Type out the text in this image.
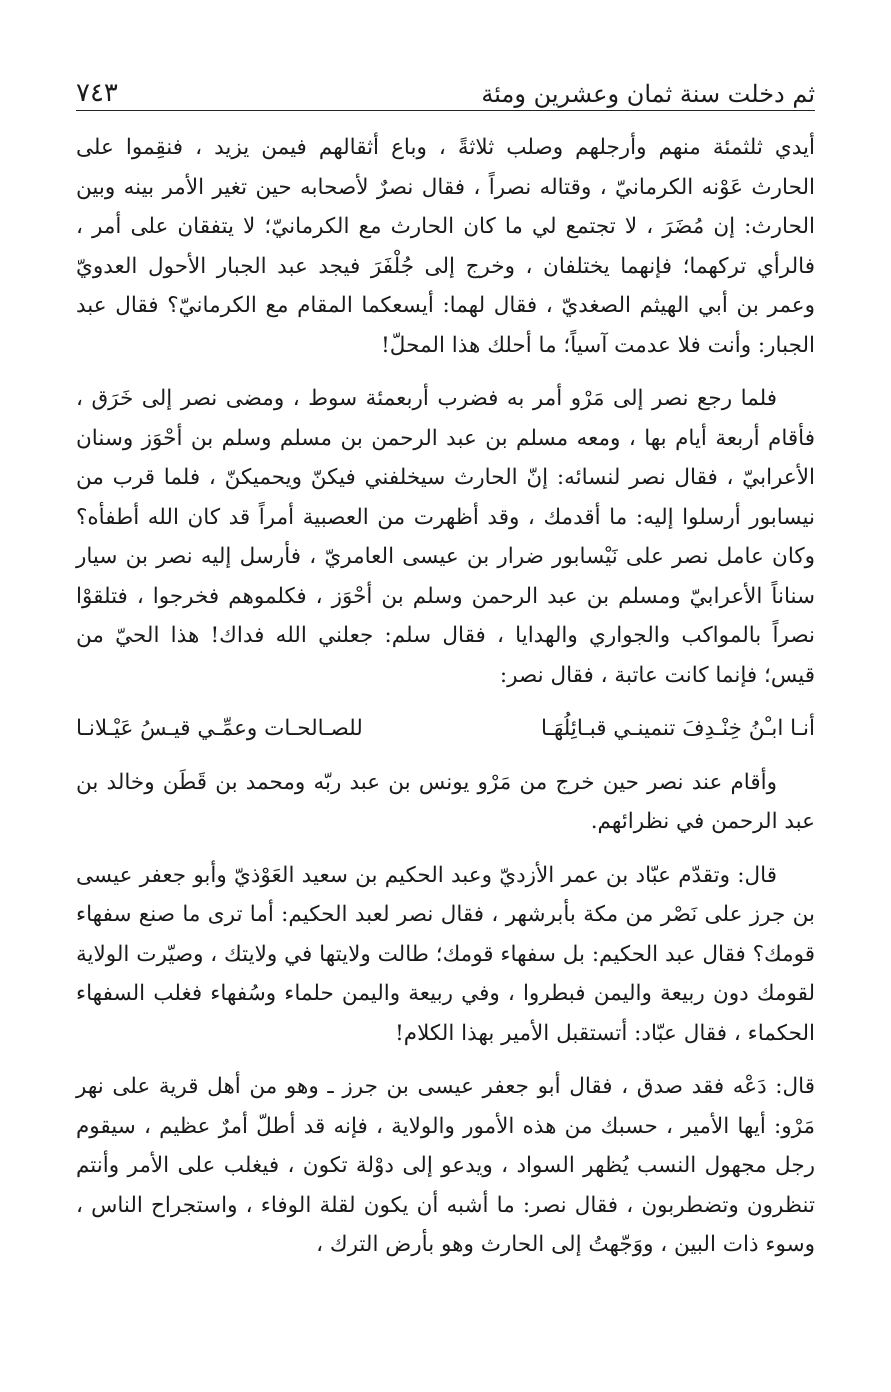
ثم دخلت سنة ثمان وعشرين ومئة
٧٤٣

أيدي ثلثمئة منهم وأرجلهم وصلب ثلاثةً ، وباع أثقالهم فيمن يزيد ، فنقِموا على الحارث عَوْنه الكرمانيّ ، وقتاله نصراً ، فقال نصرٌ لأصحابه حين تغير الأمر بينه وبين الحارث: إن مُضَرَ ، لا تجتمع لي ما كان الحارث مع الكرمانيّ؛ لا يتفقان على أمر ، فالرأي تركهما؛ فإنهما يختلفان ، وخرج إلى جُلْفَرَ فيجد عبد الجبار الأحول العدويّ وعمر بن أبي الهيثم الصغديّ ، فقال لهما: أيسعكما المقام مع الكرمانيّ؟ فقال عبد الجبار: وأنت فلا عدمت آسياً؛ ما أحلك هذا المحلّ!

فلما رجع نصر إلى مَرْو أمر به فضرب أربعمئة سوط ، ومضى نصر إلى خَرَق ، فأقام أربعة أيام بها ، ومعه مسلم بن عبد الرحمن بن مسلم وسلم بن أحْوَز وسنان الأعرابيّ ، فقال نصر لنسائه: إنّ الحارث سيخلفني فيكنّ ويحميكنّ ، فلما قرب من نيسابور أرسلوا إليه: ما أقدمك ، وقد أظهرت من العصبية أمراً قد كان الله أطفأه؟ وكان عامل نصر على نَيْسابور ضرار بن عيسى العامريّ ، فأرسل إليه نصر بن سيار سناناً الأعرابيّ ومسلم بن عبد الرحمن وسلم بن أحْوَز ، فكلموهم فخرجوا ، فتلقوْا نصراً بالمواكب والجواري والهدايا ، فقال سلم: جعلني الله فداك! هذا الحيّ من قيس؛ فإنما كانت عاتبة ، فقال نصر:

أنـا ابـْنُ خِنْـدِفَ تنمينـي قبـائِلُهَـا
للصـالحـات وعمِّـي قيـسُ عَيْـلانـا

وأقام عند نصر حين خرج من مَرْو يونس بن عبد ربّه ومحمد بن قَطَن وخالد بن عبد الرحمن في نظرائهم.

قال: وتقدّم عبّاد بن عمر الأزديّ وعبد الحكيم بن سعيد العَوْذيّ وأبو جعفر عيسى بن جرز على نَصْر من مكة بأبرشهر ، فقال نصر لعبد الحكيم: أما ترى ما صنع سفهاء قومك؟ فقال عبد الحكيم: بل سفهاء قومك؛ طالت ولايتها في ولايتك ، وصيّرت الولاية لقومك دون ربيعة واليمن فبطروا ، وفي ربيعة واليمن حلماء وسُفهاء فغلب السفهاء الحكماء ، فقال عبّاد: أتستقبل الأمير بهذا الكلام!

قال: دَعْه فقد صدق ، فقال أبو جعفر عيسى بن جرز ـ وهو من أهل قرية على نهر مَرْو: أيها الأمير ، حسبك من هذه الأمور والولاية ، فإنه قد أطلّ أمرٌ عظيم ، سيقوم رجل مجهول النسب يُظهر السواد ، ويدعو إلى دوْلة تكون ، فيغلب على الأمر وأنتم تنظرون وتضطربون ، فقال نصر: ما أشبه أن يكون لقلة الوفاء ، واستجراح الناس ، وسوء ذات البين ، ووَجّهتُ إلى الحارث وهو بأرض الترك ،
